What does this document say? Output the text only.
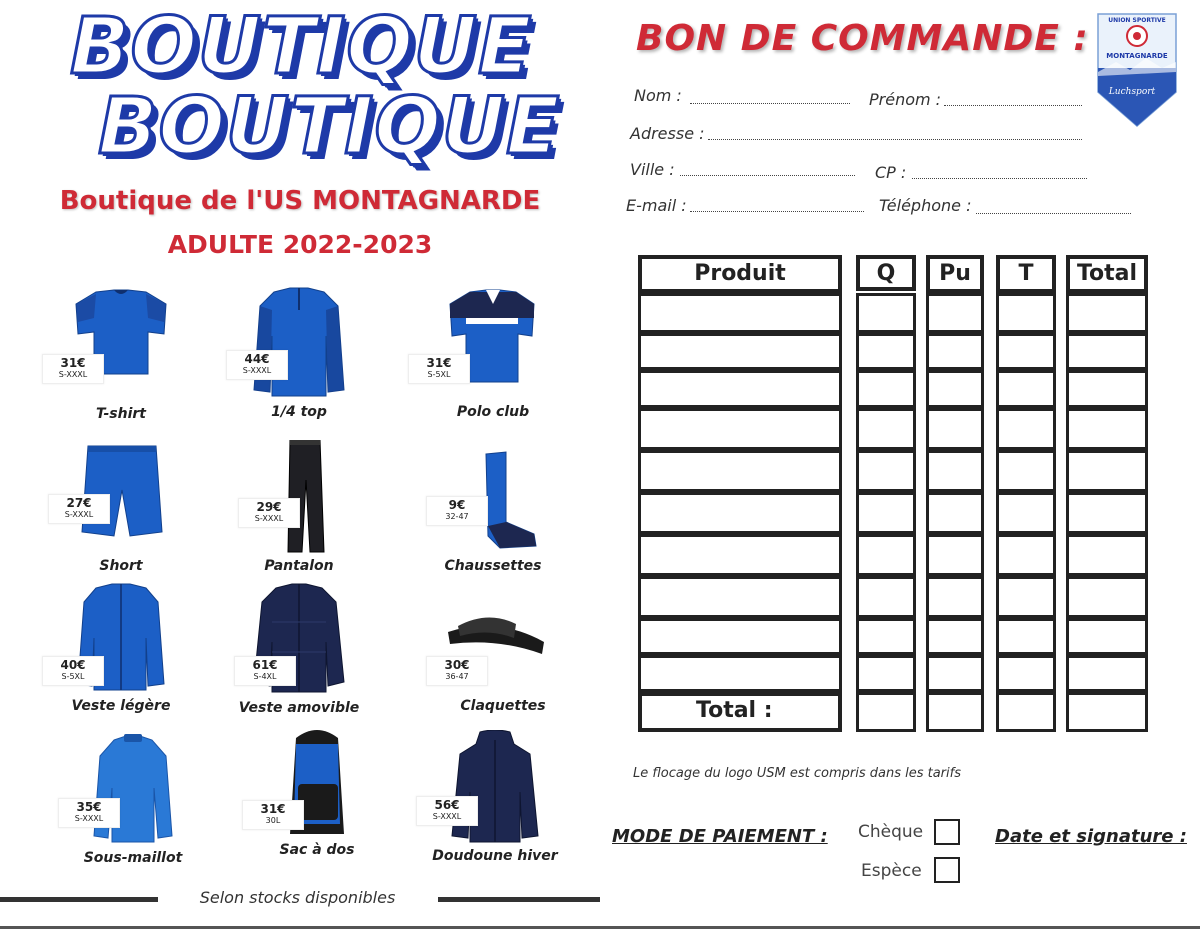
BOUTIQUE
BOUTIQUE
Boutique de l'US MONTAGNARDE
ADULTE 2022-2023
31€
S-XXXL
T-shirt
44€
S-XXXL
1/4 top
31€
S-5XL
Polo club
27€
S-XXXL
Short
29€
S-XXXL
Pantalon
9€
32-47
Chaussettes
40€
S-5XL
Veste légère
61€
S-4XL
Veste amovible
30€
36-47
Claquettes
35€
S-XXXL
Sous-maillot
31€
30L
Sac à dos
56€
S-XXXL
Doudoune hiver
Selon stocks disponibles
BON DE COMMANDE :	UNION SPORTIVE
MONTAGNARDE
Luchsport
Nom :	Prénom :
Adresse :
Ville :	CP :
E-mail :	Téléphone :
Produit	Q	Pu	T	Total
Total :
Le flocage du logo USM est compris dans les tarifs
MODE DE PAIEMENT : Chèque
Espèce
Date et signature :
